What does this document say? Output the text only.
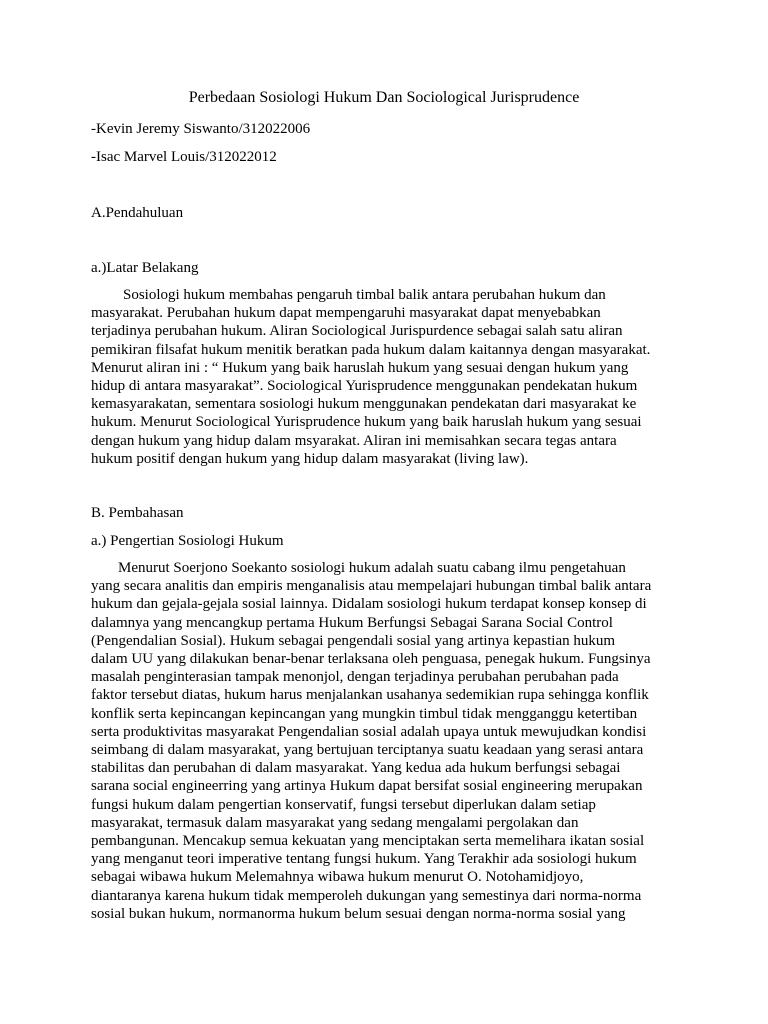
Perbedaan Sosiologi Hukum Dan Sociological Jurisprudence

-Kevin Jeremy Siswanto/312022006

-Isac Marvel Louis/312022012

A.Pendahuluan
a.)Latar Belakang
Sosiologi hukum membahas pengaruh timbal balik antara perubahan hukum dan
masyarakat. Perubahan hukum dapat mempengaruhi masyarakat dapat menyebabkan
terjadinya perubahan hukum. Aliran Sociological Jurispurdence sebagai salah satu aliran
pemikiran filsafat hukum menitik beratkan pada hukum dalam kaitannya dengan masyarakat.
Menurut aliran ini : “ Hukum yang baik haruslah hukum yang sesuai dengan hukum yang
hidup di antara masyarakat”. Sociological Yurisprudence menggunakan pendekatan hukum
kemasyarakatan, sementara sosiologi hukum menggunakan pendekatan dari masyarakat ke
hukum. Menurut Sociological Yurisprudence hukum yang baik haruslah hukum yang sesuai
dengan hukum yang hidup dalam msyarakat. Aliran ini memisahkan secara tegas antara
hukum positif dengan hukum yang hidup dalam masyarakat (living law).
B. Pembahasan
a.) Pengertian Sosiologi Hukum
Menurut Soerjono Soekanto sosiologi hukum adalah suatu cabang ilmu pengetahuan
yang secara analitis dan empiris menganalisis atau mempelajari hubungan timbal balik antara
hukum dan gejala-gejala sosial lainnya. Didalam sosiologi hukum terdapat konsep konsep di
dalamnya yang mencangkup pertama Hukum Berfungsi Sebagai Sarana Social Control
(Pengendalian Sosial). Hukum sebagai pengendali sosial yang artinya kepastian hukum
dalam UU yang dilakukan benar-benar terlaksana oleh penguasa, penegak hukum. Fungsinya
masalah penginterasian tampak menonjol, dengan terjadinya perubahan perubahan pada
faktor tersebut diatas, hukum harus menjalankan usahanya sedemikian rupa sehingga konflik
konflik serta kepincangan kepincangan yang mungkin timbul tidak mengganggu ketertiban
serta produktivitas masyarakat Pengendalian sosial adalah upaya untuk mewujudkan kondisi
seimbang di dalam masyarakat, yang bertujuan terciptanya suatu keadaan yang serasi antara
stabilitas dan perubahan di dalam masyarakat. Yang kedua ada hukum berfungsi sebagai
sarana social engineerring yang artinya Hukum dapat bersifat sosial engineering merupakan
fungsi hukum dalam pengertian konservatif, fungsi tersebut diperlukan dalam setiap
masyarakat, termasuk dalam masyarakat yang sedang mengalami pergolakan dan
pembangunan. Mencakup semua kekuatan yang menciptakan serta memelihara ikatan sosial
yang menganut teori imperative tentang fungsi hukum. Yang Terakhir ada sosiologi hukum
sebagai wibawa hukum Melemahnya wibawa hukum menurut O. Notohamidjoyo,
diantaranya karena hukum tidak memperoleh dukungan yang semestinya dari norma-norma
sosial bukan hukum, normanorma hukum belum sesuai dengan norma-norma sosial yang
